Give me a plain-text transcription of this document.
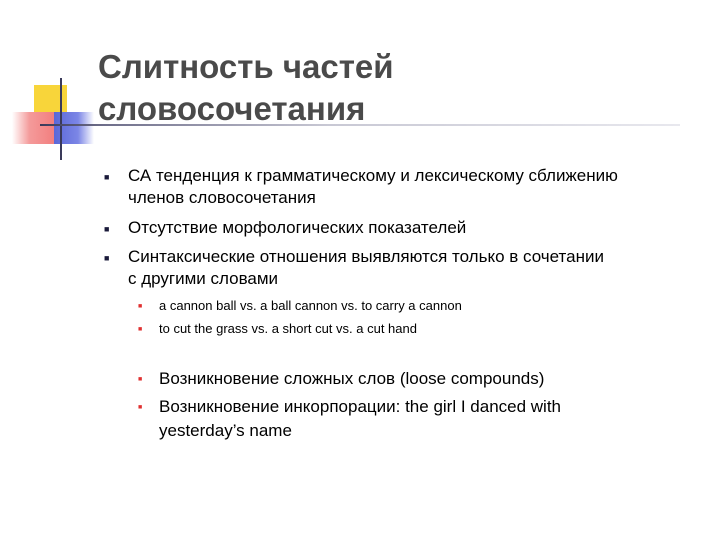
Слитность частей
словосочетания
■ СА тенденция к грамматическому и лексическому сближению
членов словосочетания
■ Отсутствие морфологических показателей
■ Синтаксические отношения выявляются только в сочетании
с другими словами
■ a cannon ball vs. a ball cannon vs. to carry a cannon
■ to cut the grass vs. a short cut vs. a cut hand
■ Возникновение сложных слов (loose compounds)
■ Возникновение инкорпорации: the girl I danced with
yesterday’s name
